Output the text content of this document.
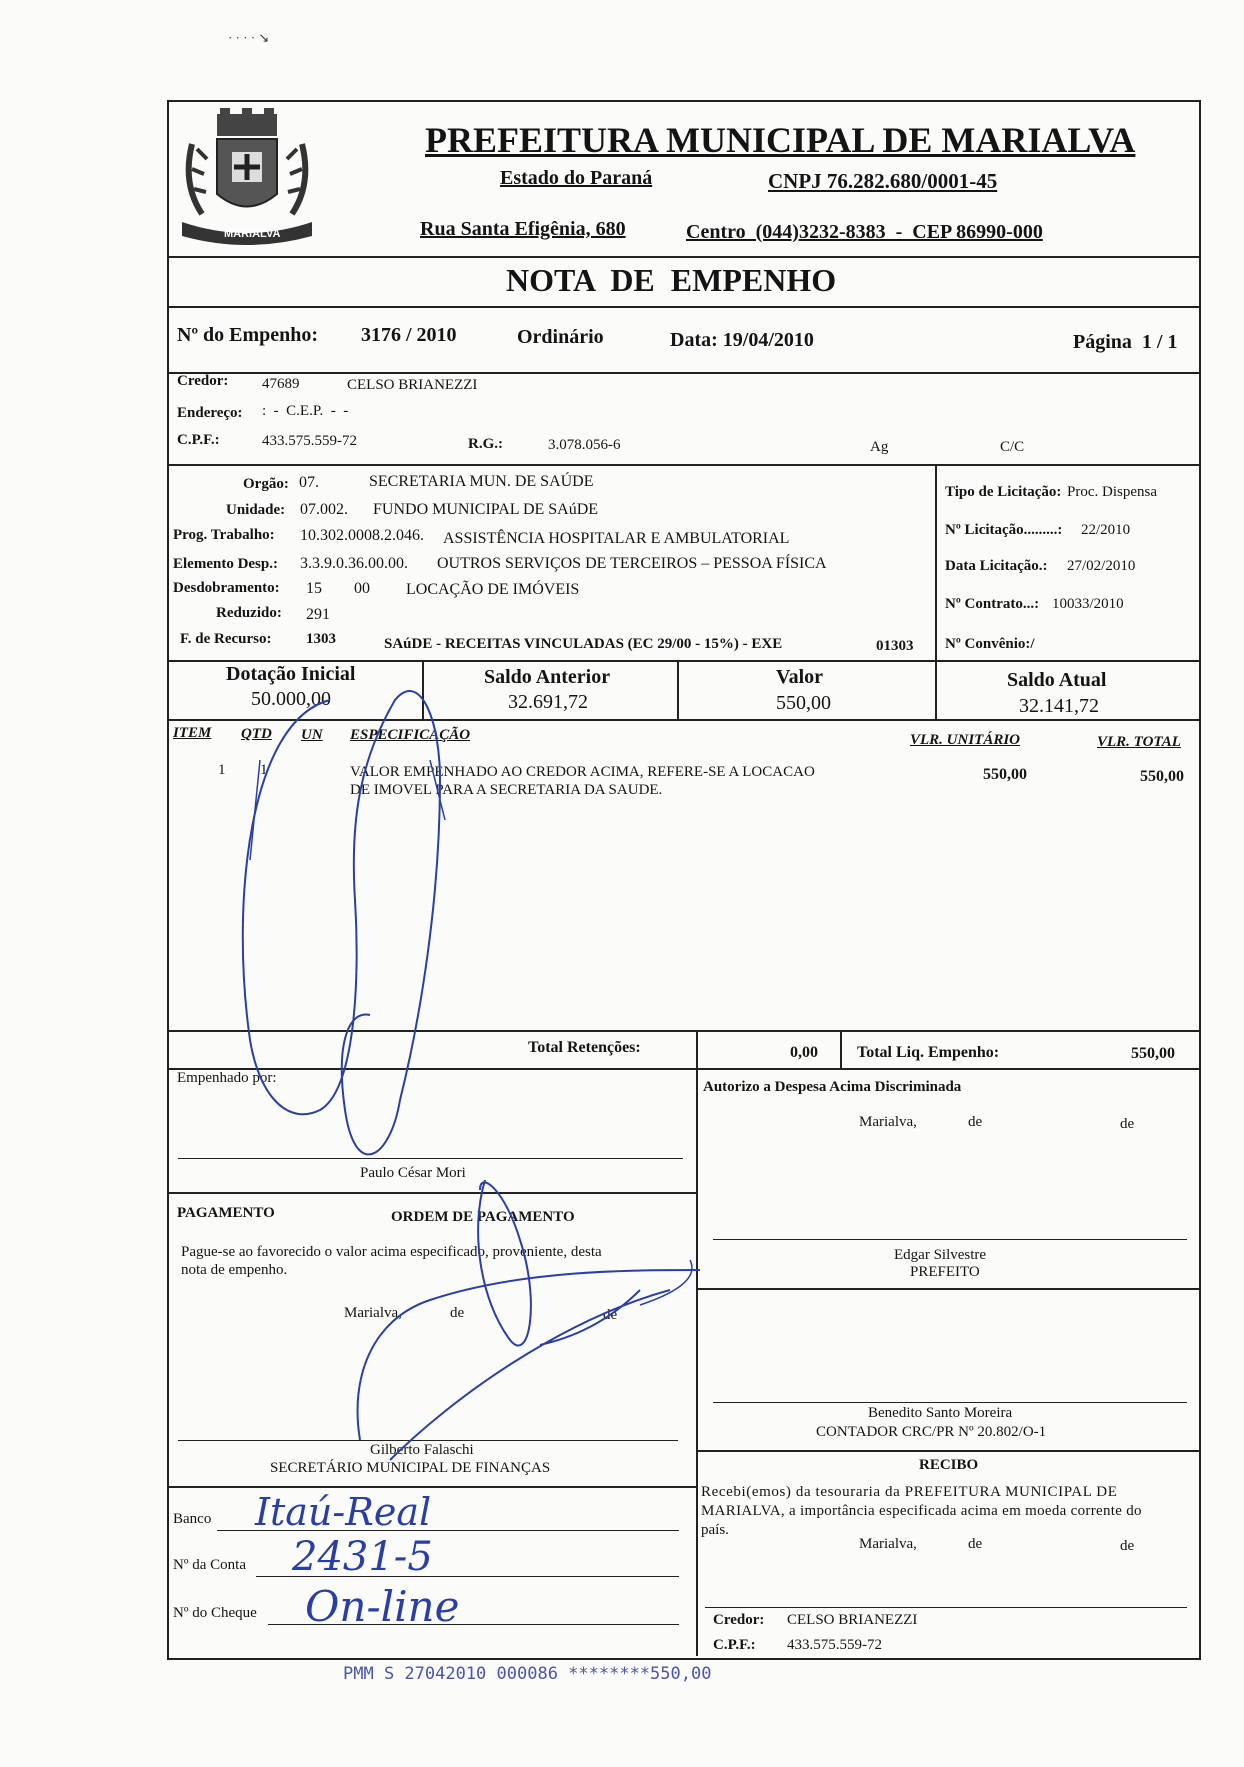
· · · · ↘
MARIALVA
PREFEITURA MUNICIPAL DE MARIALVA
Estado do Paraná	CNPJ 76.282.680/0001-45
Rua Santa Efigênia, 680	Centro  (044)3232-8383  -  CEP 86990-000
NOTA  DE  EMPENHO
Nº do Empenho: 3176 / 2010	Ordinário	Data: 19/04/2010	Página  1 / 1
Credor: 47689	CELSO BRIANEZZI
Endereço: :  -  C.E.P.  -  -
C.P.F.:	433.575.559-72	R.G.:	3.078.056-6	Ag	C/C
Orgão: 07.	SECRETARIA MUN. DE SAÚDE
Unidade: 07.002. FUNDO MUNICIPAL DE SAúDE
Prog. Trabalho: 10.302.0008.2.046. ASSISTÊNCIA HOSPITALAR E AMBULATORIAL
Elemento Desp.: 3.3.9.0.36.00.00. OUTROS SERVIÇOS DE TERCEIROS – PESSOA FÍSICA
Desdobramento: 15 00 LOCAÇÃO DE IMÓVEIS
Reduzido: 291
F. de Recurso: 1303	SAúDE - RECEITAS VINCULADAS (EC 29/00 - 15%) - EXE	01303
Tipo de Licitação: Proc. Dispensa
Nº Licitação.........: 22/2010
Data Licitação.: 27/02/2010
Nº Contrato...: 10033/2010
Nº Convênio:/
Dotação Inicial
50.000,00
Saldo Anterior
32.691,72
Valor
550,00
Saldo Atual
32.141,72
ITEM QTD UN ESPECIFICAÇÃO	VLR. UNITÁRIO	VLR. TOTAL
1 1	VALOR EMPENHADO AO CREDOR ACIMA, REFERE-SE A LOCACAO
DE IMOVEL PARA A SECRETARIA DA SAUDE.
550,00	550,00
Total Retenções:	0,00 Total Liq. Empenho:	550,00
Empenhado por:
Paulo César Mori
Autorizo a Despesa Acima Discriminada
Marialva,	de	de
Edgar Silvestre
PREFEITO
PAGAMENTO	ORDEM DE PAGAMENTO
Pague-se ao favorecido o valor acima especificado, proveniente, desta
nota de empenho.
Marialva,	de	de
Gilberto Falaschi
SECRETÁRIO MUNICIPAL DE FINANÇAS
Benedito Santo Moreira
CONTADOR CRC/PR Nº 20.802/O-1
RECIBO
Recebi(emos) da tesouraria da PREFEITURA MUNICIPAL DE
MARIALVA, a importância especificada acima em moeda corrente do
país.
Marialva,	de	de
Credor: CELSO BRIANEZZI
C.P.F.: 433.575.559-72
Banco Itaú-Real
Nº da Conta 2431-5
Nº do Cheque On-line
PMM S 27042010 000086 ********550,00
